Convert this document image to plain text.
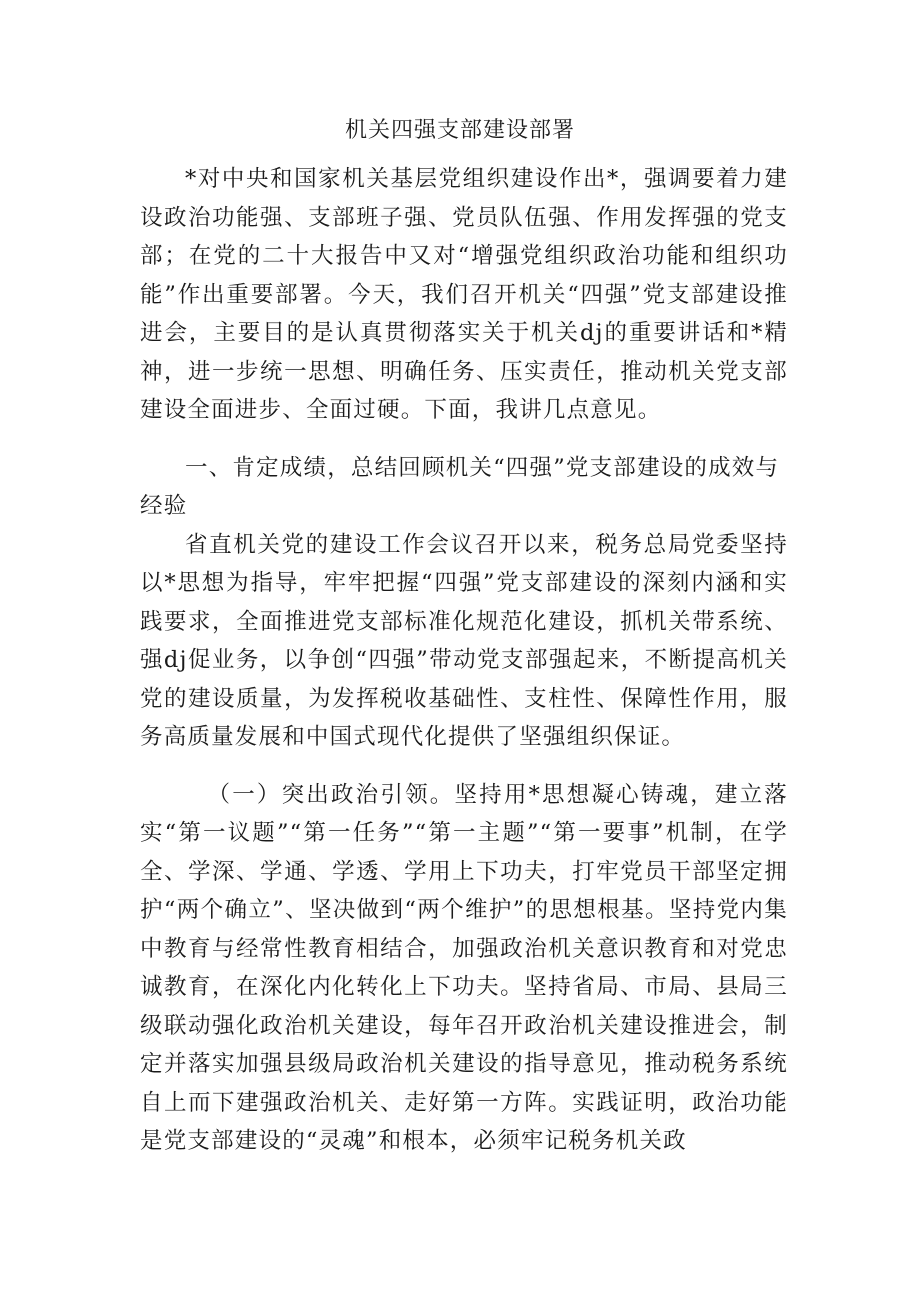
机关四强支部建设部署

*对中央和国家机关基层党组织建设作出*，强调要着力建设政治功能强、支部班子强、党员队伍强、作用发挥强的党支部；在党的二十大报告中又对“增强党组织政治功能和组织功能”作出重要部署。今天，我们召开机关“四强”党支部建设推进会，主要目的是认真贯彻落实关于机关dj的重要讲话和*精神，进一步统一思想、明确任务、压实责任，推动机关党支部建设全面进步、全面过硬。下面，我讲几点意见。

一、肯定成绩，总结回顾机关“四强”党支部建设的成效与经验

省直机关党的建设工作会议召开以来，税务总局党委坚持以*思想为指导，牢牢把握“四强”党支部建设的深刻内涵和实践要求，全面推进党支部标准化规范化建设，抓机关带系统、强dj促业务，以争创“四强”带动党支部强起来，不断提高机关党的建设质量，为发挥税收基础性、支柱性、保障性作用，服务高质量发展和中国式现代化提供了坚强组织保证。

（一）突出政治引领。坚持用*思想凝心铸魂，建立落实“第一议题”“第一任务”“第一主题”“第一要事”机制，在学全、学深、学通、学透、学用上下功夫，打牢党员干部坚定拥护“两个确立”、坚决做到“两个维护”的思想根基。坚持党内集中教育与经常性教育相结合，加强政治机关意识教育和对党忠诚教育，在深化内化转化上下功夫。坚持省局、市局、县局三级联动强化政治机关建设，每年召开政治机关建设推进会，制定并落实加强县级局政治机关建设的指导意见，推动税务系统自上而下建强政治机关、走好第一方阵。实践证明，政治功能是党支部建设的“灵魂”和根本，必须牢记税务机关政
